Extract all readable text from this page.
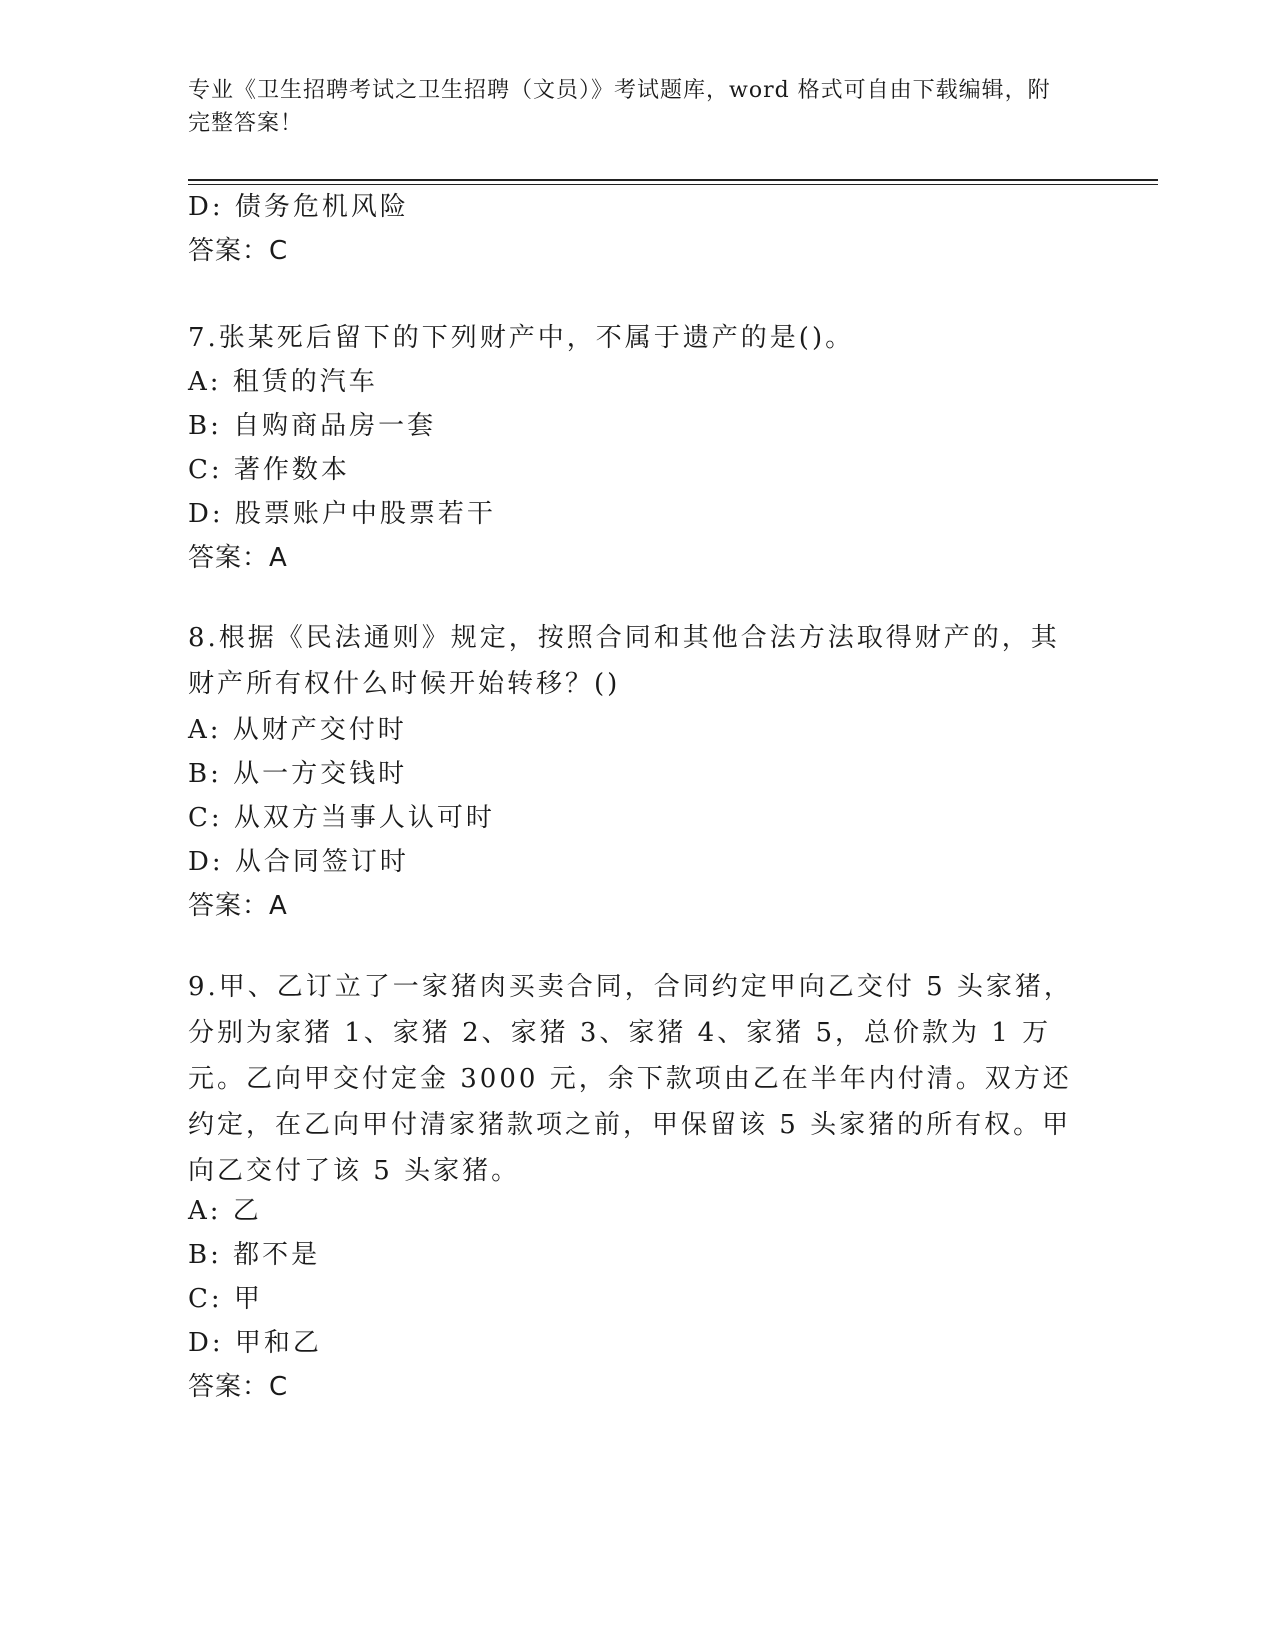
专业《卫生招聘考试之卫生招聘（文员）》考试题库，word 格式可自由下载编辑，附完整答案！
D: 债务危机风险
答案：C
7.张某死后留下的下列财产中，不属于遗产的是()。
A: 租赁的汽车
B: 自购商品房一套
C: 著作数本
D: 股票账户中股票若干
答案：A
8.根据《民法通则》规定，按照合同和其他合法方法取得财产的，其财产所有权什么时候开始转移？()
A: 从财产交付时
B: 从一方交钱时
C: 从双方当事人认可时
D: 从合同签订时
答案：A
9.甲、乙订立了一家猪肉买卖合同，合同约定甲向乙交付 5 头家猪，分别为家猪 1、家猪 2、家猪 3、家猪 4、家猪 5，总价款为 1 万元。乙向甲交付定金 3000 元，余下款项由乙在半年内付清。双方还约定，在乙向甲付清家猪款项之前，甲保留该 5 头家猪的所有权。甲向乙交付了该 5 头家猪。
A: 乙
B: 都不是
C: 甲
D: 甲和乙
答案：C
